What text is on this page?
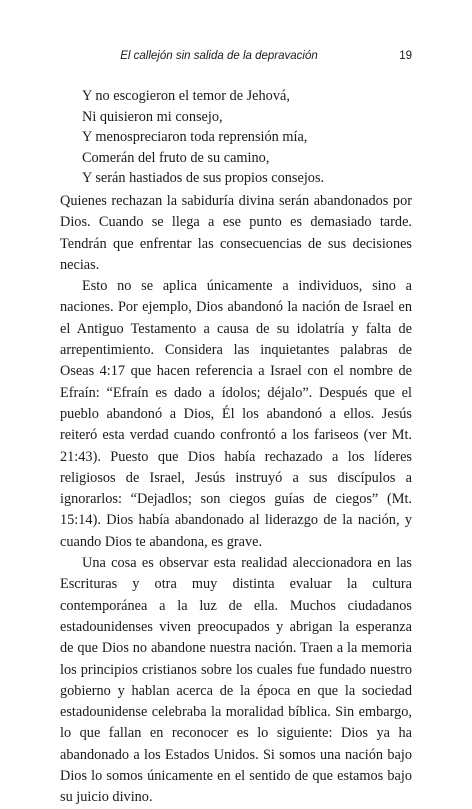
El callejón sin salida de la depravación	19
Y no escogieron el temor de Jehová,
Ni quisieron mi consejo,
Y menospreciaron toda reprensión mía,
Comerán del fruto de su camino,
Y serán hastiados de sus propios consejos.

Quienes rechazan la sabiduría divina serán abandonados por Dios. Cuando se llega a ese punto es demasiado tarde. Tendrán que enfrentar las consecuencias de sus decisiones necias.

Esto no se aplica únicamente a individuos, sino a naciones. Por ejemplo, Dios abandonó la nación de Israel en el Antiguo Testamento a causa de su idolatría y falta de arrepentimiento. Considera las inquietantes palabras de Oseas 4:17 que hacen referencia a Israel con el nombre de Efraín: “Efraín es dado a ídolos; déjalo”. Después que el pueblo abandonó a Dios, Él los abandonó a ellos. Jesús reiteró esta verdad cuando confrontó a los fariseos (ver Mt. 21:43). Puesto que Dios había rechazado a los líderes religiosos de Israel, Jesús instruyó a sus discípulos a ignorarlos: “Dejadlos; son ciegos guías de ciegos” (Mt. 15:14). Dios había abandonado al liderazgo de la nación, y cuando Dios te abandona, es grave.

Una cosa es observar esta realidad aleccionadora en las Escrituras y otra muy distinta evaluar la cultura contemporánea a la luz de ella. Muchos ciudadanos estadounidenses viven preocupados y abrigan la esperanza de que Dios no abandone nuestra nación. Traen a la memoria los principios cristianos sobre los cuales fue fundado nuestro gobierno y hablan acerca de la época en que la sociedad estadounidense celebraba la moralidad bíblica. Sin embargo, lo que fallan en reconocer es lo siguiente: Dios ya ha abandonado a los Estados Unidos. Si somos una nación bajo Dios lo somos únicamente en el sentido de que estamos bajo su juicio divino.
